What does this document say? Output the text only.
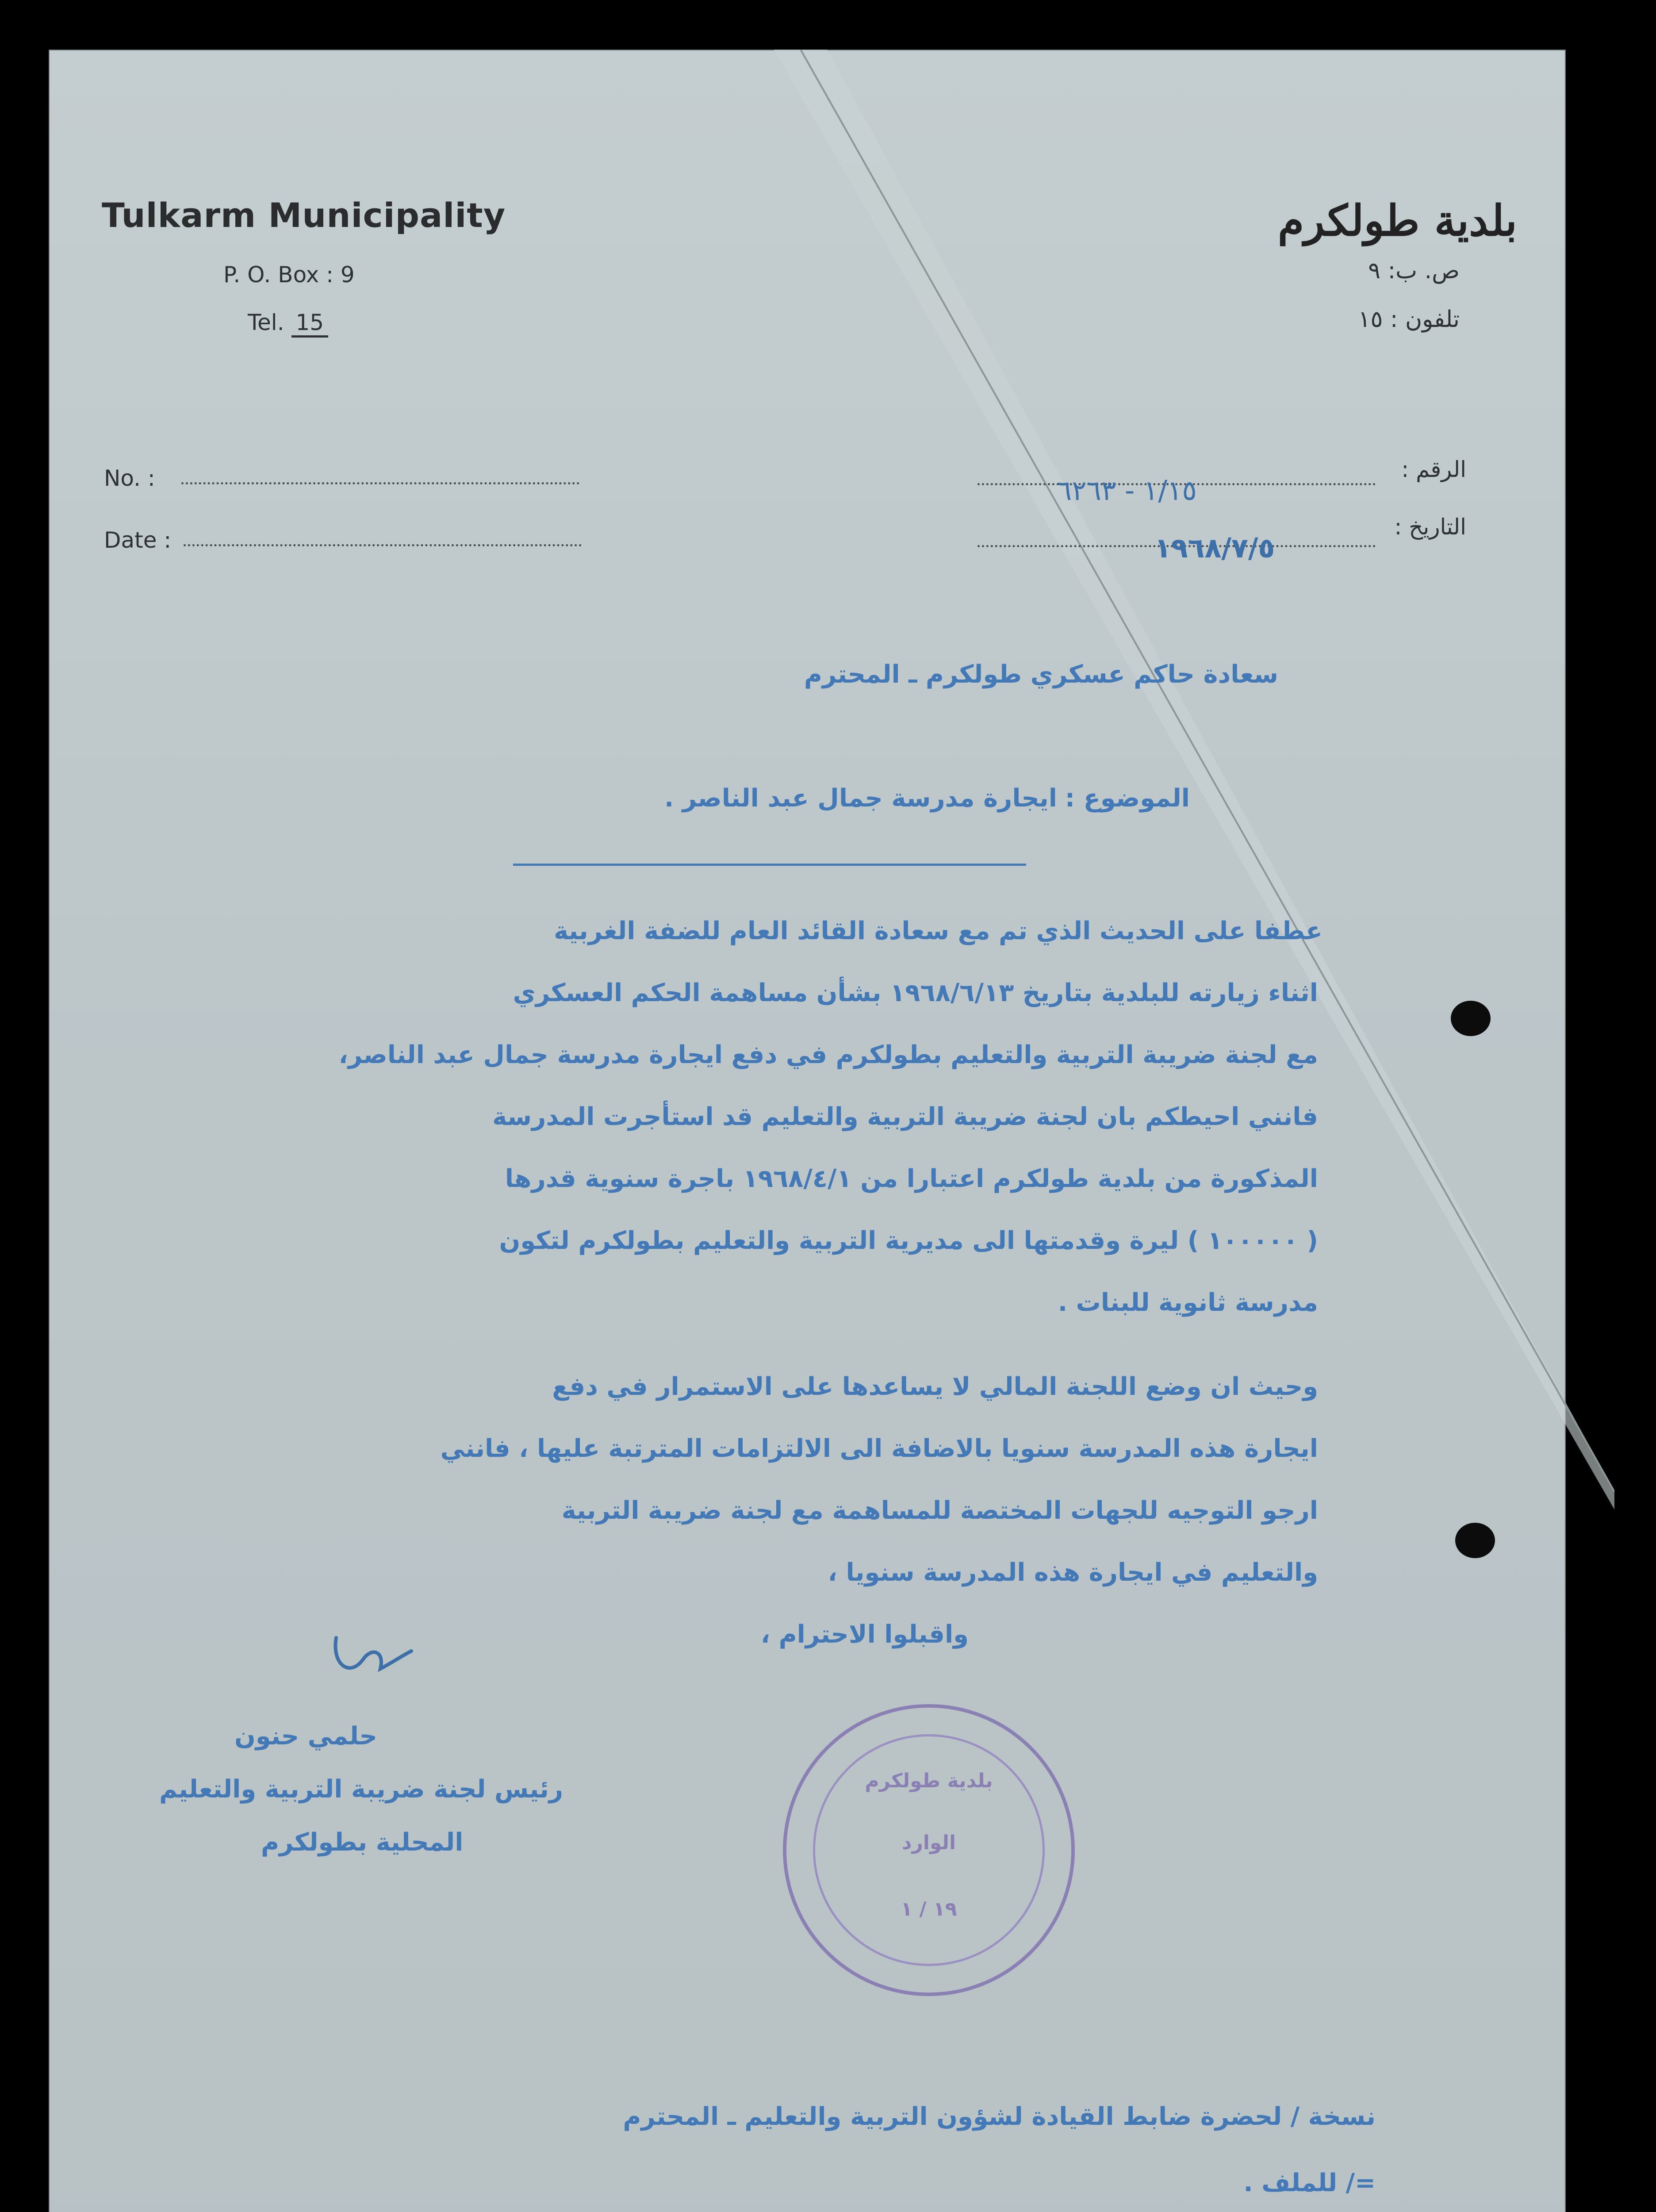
Tulkarm Municipality
P. O. Box : 9
Tel. 15
بلدية طولكرم
ص. ب: ٩
تلفون : ١٥
No. :
Date :
الرقم :
التاريخ :
١/١٥ - ٦٢٦٣
١٩٦٨/٧/٥
سعادة حاكم عسكري طولكرم ـ المحترم
الموضوع :
ايجارة مدرسة جمال عبد الناصر .
عطفا على الحديث الذي تم مع سعادة القائد العام للضفة الغربية
اثناء زيارته للبلدية بتاريخ ١٩٦٨/٦/١٣ بشأن مساهمة الحكم العسكري
مع لجنة ضريبة التربية والتعليم بطولكرم في دفع ايجارة مدرسة جمال عبد الناصر،
فانني احيطكم بان لجنة ضريبة التربية والتعليم قد استأجرت المدرسة
المذكورة من بلدية طولكرم اعتبارا من ١٩٦٨/٤/١ باجرة سنوية قدرها
( ١٠٠٠٠٠ ) ليرة وقدمتها الى مديرية التربية والتعليم بطولكرم لتكون
مدرسة ثانوية للبنات .
وحيث ان وضع اللجنة المالي لا يساعدها على الاستمرار في دفع
ايجارة هذه المدرسة سنويا بالاضافة الى الالتزامات المترتبة عليها ، فانني
ارجو التوجيه للجهات المختصة للمساهمة مع لجنة ضريبة التربية
والتعليم في ايجارة هذه المدرسة سنويا ،
واقبلوا الاحترام ،
حلمي حنون
رئيس لجنة ضريبة التربية والتعليم
المحلية بطولكرم
بلدية طولكرم
الوارد
١٩ / ١
نسخة / لحضرة ضابط القيادة لشؤون التربية والتعليم ـ المحترم
=/ للملف .
